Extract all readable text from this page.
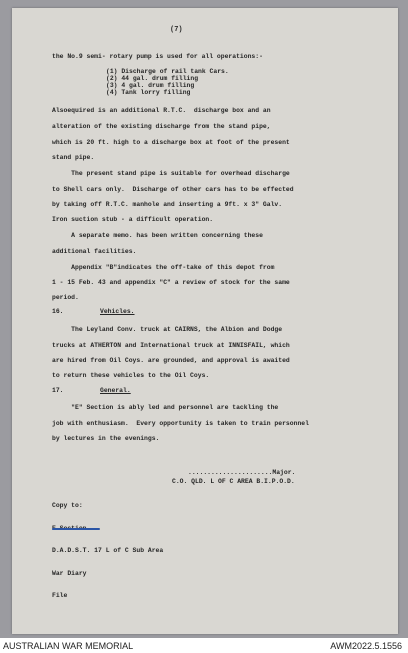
(7)
the No.9 semi- rotary pump is used for all operations:-
(1) Discharge of rail tank Cars.
(2) 44 gal. drum filling
(3) 4 gal. drum filling
(4) Tank lorry filling
Alsoequired is an additional R.T.C.  discharge box and an
alteration of the existing discharge from the stand pipe,
which is 20 ft. high to a discharge box at foot of the present
stand pipe.
The present stand pipe is suitable for overhead discharge
to Shell cars only.  Discharge of other cars has to be effected
by taking off R.T.C. manhole and inserting a 9ft. x 3" Galv.
Iron suction stub - a difficult operation.
A separate memo. has been written concerning these
additional facilities.
Appendix "B"indicates the off-take of this depot from
1 - 15 Feb. 43 and appendix "C" a review of stock for the same
period.
16.	Vehicles.
The Leyland Conv. truck at CAIRNS, the Albion and Dodge
trucks at ATHERTON and International truck at INNISFAIL, which
are hired from Oil Coys. are grounded, and approval is awaited
to return these vehicles to the Oil Coys.
17.	General.
"E" Section is ably led and personnel are tackling the
job with enthusiasm.  Every opportunity is taken to train personnel
by lectures in the evenings.
......................Major.
C.O. QLD. L OF C AREA B.I.P.O.D.

Copy to:

D.A.D.S.T. 17 L of C Sub Area

War Diary

File

AUSTRALIAN WAR MEMORIAL	AWM2022.5.1556
